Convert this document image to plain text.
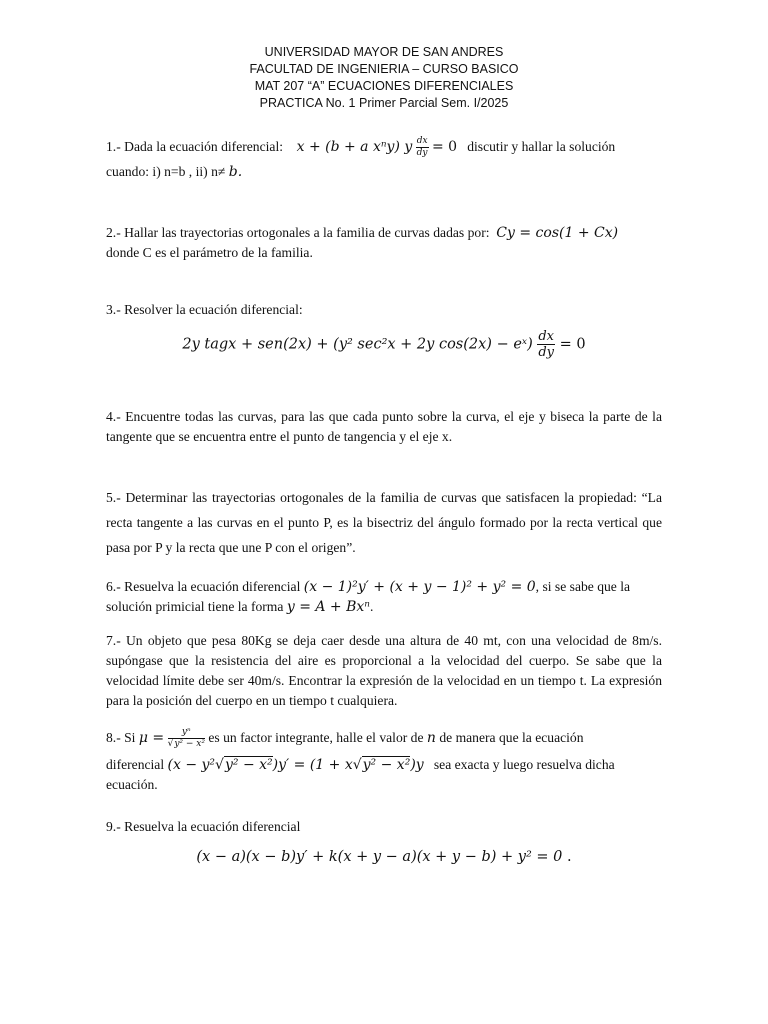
UNIVERSIDAD MAYOR DE SAN ANDRES
FACULTAD DE INGENIERIA – CURSO BASICO
MAT 207 “A” ECUACIONES DIFERENCIALES
PRACTICA No. 1 Primer Parcial Sem. I/2025
1.- Dada la ecuación diferencial: x + (b + a xⁿy) y $\frac{dx}{dy} = 0$ discutir y hallar la solución
cuando: i) n=b , ii) n≠ b.
2.- Hallar las trayectorias ortogonales a la familia de curvas dadas por: Cy = cos(1 + Cx)
donde C es el parámetro de la familia.
3.- Resolver la ecuación diferencial:
2y tagx + sen(2x) + (y² sec²x + 2y cos(2x) − eˣ) $\frac{dx}{dy} = 0$
4.- Encuentre todas las curvas, para las que cada punto sobre la curva, el eje y biseca la parte de la tangente que se encuentra entre el punto de tangencia y el eje x.
5.- Determinar las trayectorias ortogonales de la familia de curvas que satisfacen la propiedad: “La recta tangente a las curvas en el punto P, es la bisectriz del ángulo formado por la recta vertical que pasa por P y la recta que une P con el origen”.
6.- Resuelva la ecuación diferencial (x − 1)²y′ + (x + y − 1)² + y² = 0, si se sabe que la
solución primicial tiene la forma y = A + Bxⁿ.
7.- Un objeto que pesa 80Kg se deja caer desde una altura de 40 mt, con una velocidad de 8m/s. supóngase que la resistencia del aire es proporcional a la velocidad del cuerpo. Se sabe que la velocidad límite debe ser 40m/s. Encontrar la expresión de la velocidad en un tiempo t. La expresión para la posición del cuerpo en un tiempo t cualquiera.
8.- Si $\mu = \frac{\text{yⁿ}}{\text{√y² − x²}}$ es un factor integrante, halle el valor de n de manera que la ecuación
diferencial (x − y²√y² − x²)y′ = (1 + x√y² − x²)y sea exacta y luego resuelva dicha
ecuación.
9.- Resuelva la ecuación diferencial
(x − a)(x − b)y′ + k(x + y − a)(x + y − b) + y² = 0 .
